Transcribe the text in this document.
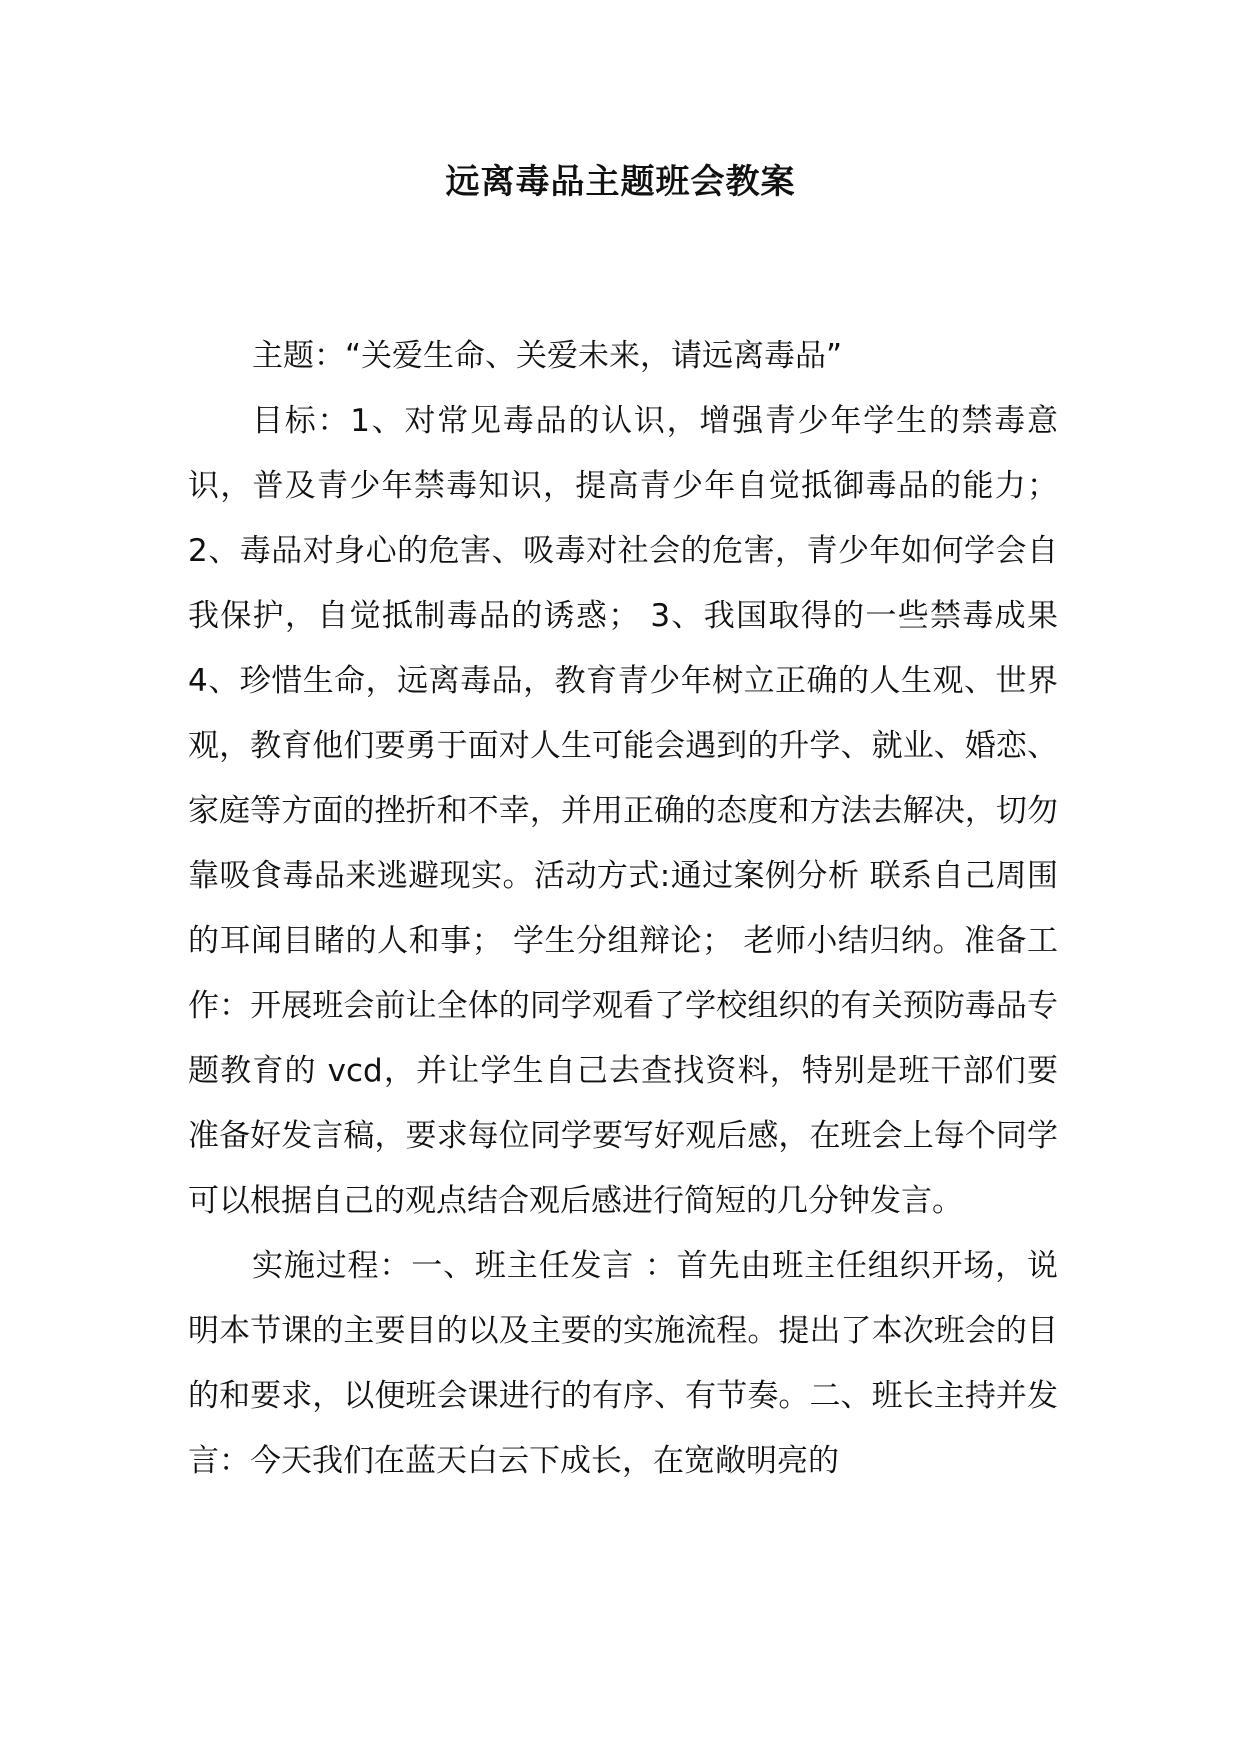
远离毒品主题班会教案

主题：“关爱生命、关爱未来，请远离毒品”

目标：1、对常见毒品的认识，增强青少年学生的禁毒意识，普及青少年禁毒知识，提高青少年自觉抵御毒品的能力； 2、毒品对身心的危害、吸毒对社会的危害，青少年如何学会自我保护，自觉抵制毒品的诱惑； 3、我国取得的一些禁毒成果 4、珍惜生命，远离毒品，教育青少年树立正确的人生观、世界观，教育他们要勇于面对人生可能会遇到的升学、就业、婚恋、家庭等方面的挫折和不幸，并用正确的态度和方法去解决，切勿靠吸食毒品来逃避现实。活动方式:通过案例分析 联系自己周围的耳闻目睹的人和事； 学生分组辩论； 老师小结归纳。准备工作：开展班会前让全体的同学观看了学校组织的有关预防毒品专题教育的 vcd，并让学生自己去查找资料，特别是班干部们要准备好发言稿，要求每位同学要写好观后感，在班会上每个同学可以根据自己的观点结合观后感进行简短的几分钟发言。

实施过程：一、班主任发言 ：首先由班主任组织开场，说明本节课的主要目的以及主要的实施流程。提出了本次班会的目的和要求，以便班会课进行的有序、有节奏。二、班长主持并发言：今天我们在蓝天白云下成长，在宽敞明亮的
